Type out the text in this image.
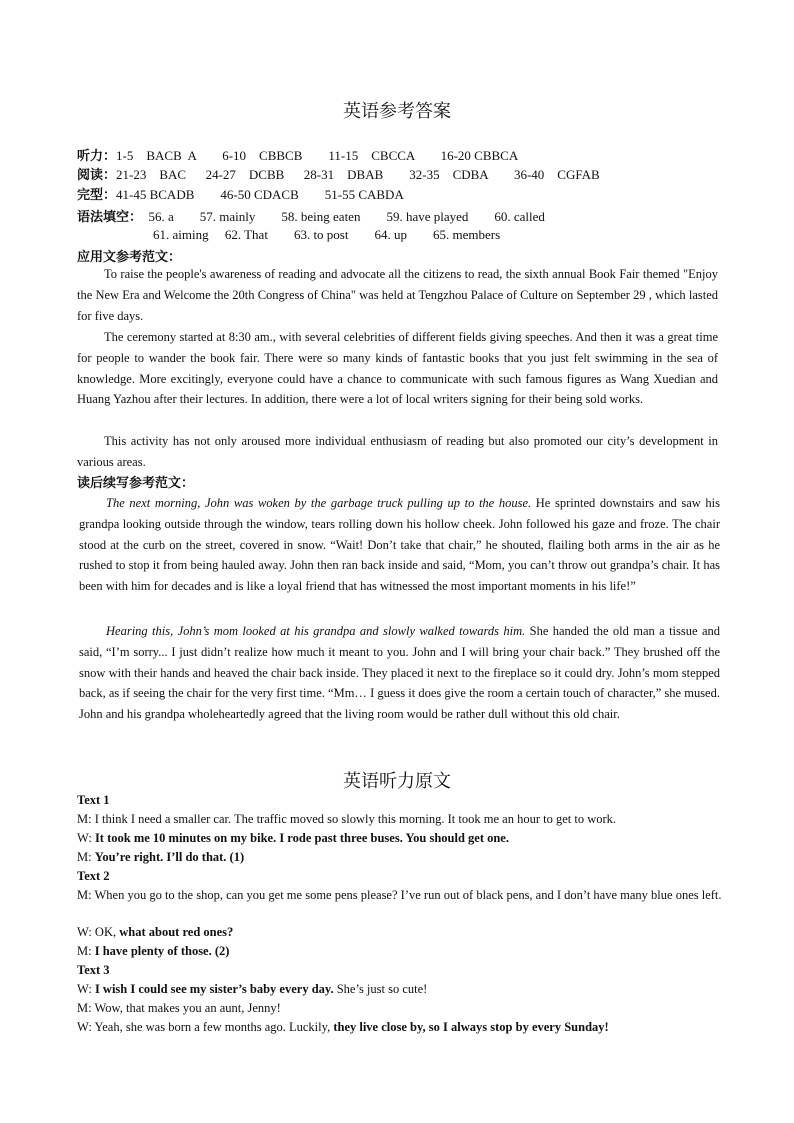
英语参考答案
听力：1-5    BACB  A        6-10    CBBCB        11-15    CBCCA        16-20 CBBCA
阅读：21-23    BAC      24-27    DCBB      28-31    DBAB        32-35    CDBA        36-40    CGFAB
完型：41-45 BCADB        46-50 CDACB        51-55 CABDA
语法填空：  56. a        57. mainly        58. being eaten        59. have played        60. called
61. aiming     62. That        63. to post        64. up        65. members
应用文参考范文：

To raise the people's awareness of reading and advocate all the citizens to read, the sixth annual Book Fair themed "Enjoy the New Era and Welcome the 20th Congress of China" was held at Tengzhou Palace of Culture on September 29 , which lasted for five days.

The ceremony started at 8:30 am., with several celebrities of different fields giving speeches. And then it was a great time for people to wander the book fair. There were so many kinds of fantastic books that you just felt swimming in the sea of knowledge. More excitingly, everyone could have a chance to communicate with such famous figures as Wang Xuedian and Huang Yazhou after their lectures. In addition, there were a lot of local writers signing for their being sold works.

This activity has not only aroused more individual enthusiasm of reading but also promoted our city’s development in various areas.

读后续写参考范文：

The next morning, John was woken by the garbage truck pulling up to the house. He sprinted downstairs and saw his grandpa looking outside through the window, tears rolling down his hollow cheek. John followed his gaze and froze. The chair stood at the curb on the street, covered in snow. “Wait! Don’t take that chair,” he shouted, flailing both arms in the air as he rushed to stop it from being hauled away. John then ran back inside and said, “Mom, you can’t throw out grandpa’s chair. It has been with him for decades and is like a loyal friend that has witnessed the most important moments in his life!”

Hearing this, John’s mom looked at his grandpa and slowly walked towards him. She handed the old man a tissue and said, “I’m sorry... I just didn’t realize how much it meant to you. John and I will bring your chair back.” They brushed off the snow with their hands and heaved the chair back inside. They placed it next to the fireplace so it could dry. John’s mom stepped back, as if seeing the chair for the very first time. “Mm… I guess it does give the room a certain touch of character,” she mused. John and his grandpa wholeheartedly agreed that the living room would be rather dull without this old chair.

英语听力原文
Text 1
M: I think I need a smaller car. The traffic moved so slowly this morning. It took me an hour to get to work.
W: It took me 10 minutes on my bike. I rode past three buses. You should get one.
M: You’re right. I’ll do that. (1)
Text 2
M: When you go to the shop, can you get me some pens please? I’ve run out of black pens, and I don’t have many blue ones left.
W: OK, what about red ones?
M: I have plenty of those. (2)
Text 3
W: I wish I could see my sister’s baby every day. She’s just so cute!
M: Wow, that makes you an aunt, Jenny!
W: Yeah, she was born a few months ago. Luckily, they live close by, so I always stop by every Sunday!
